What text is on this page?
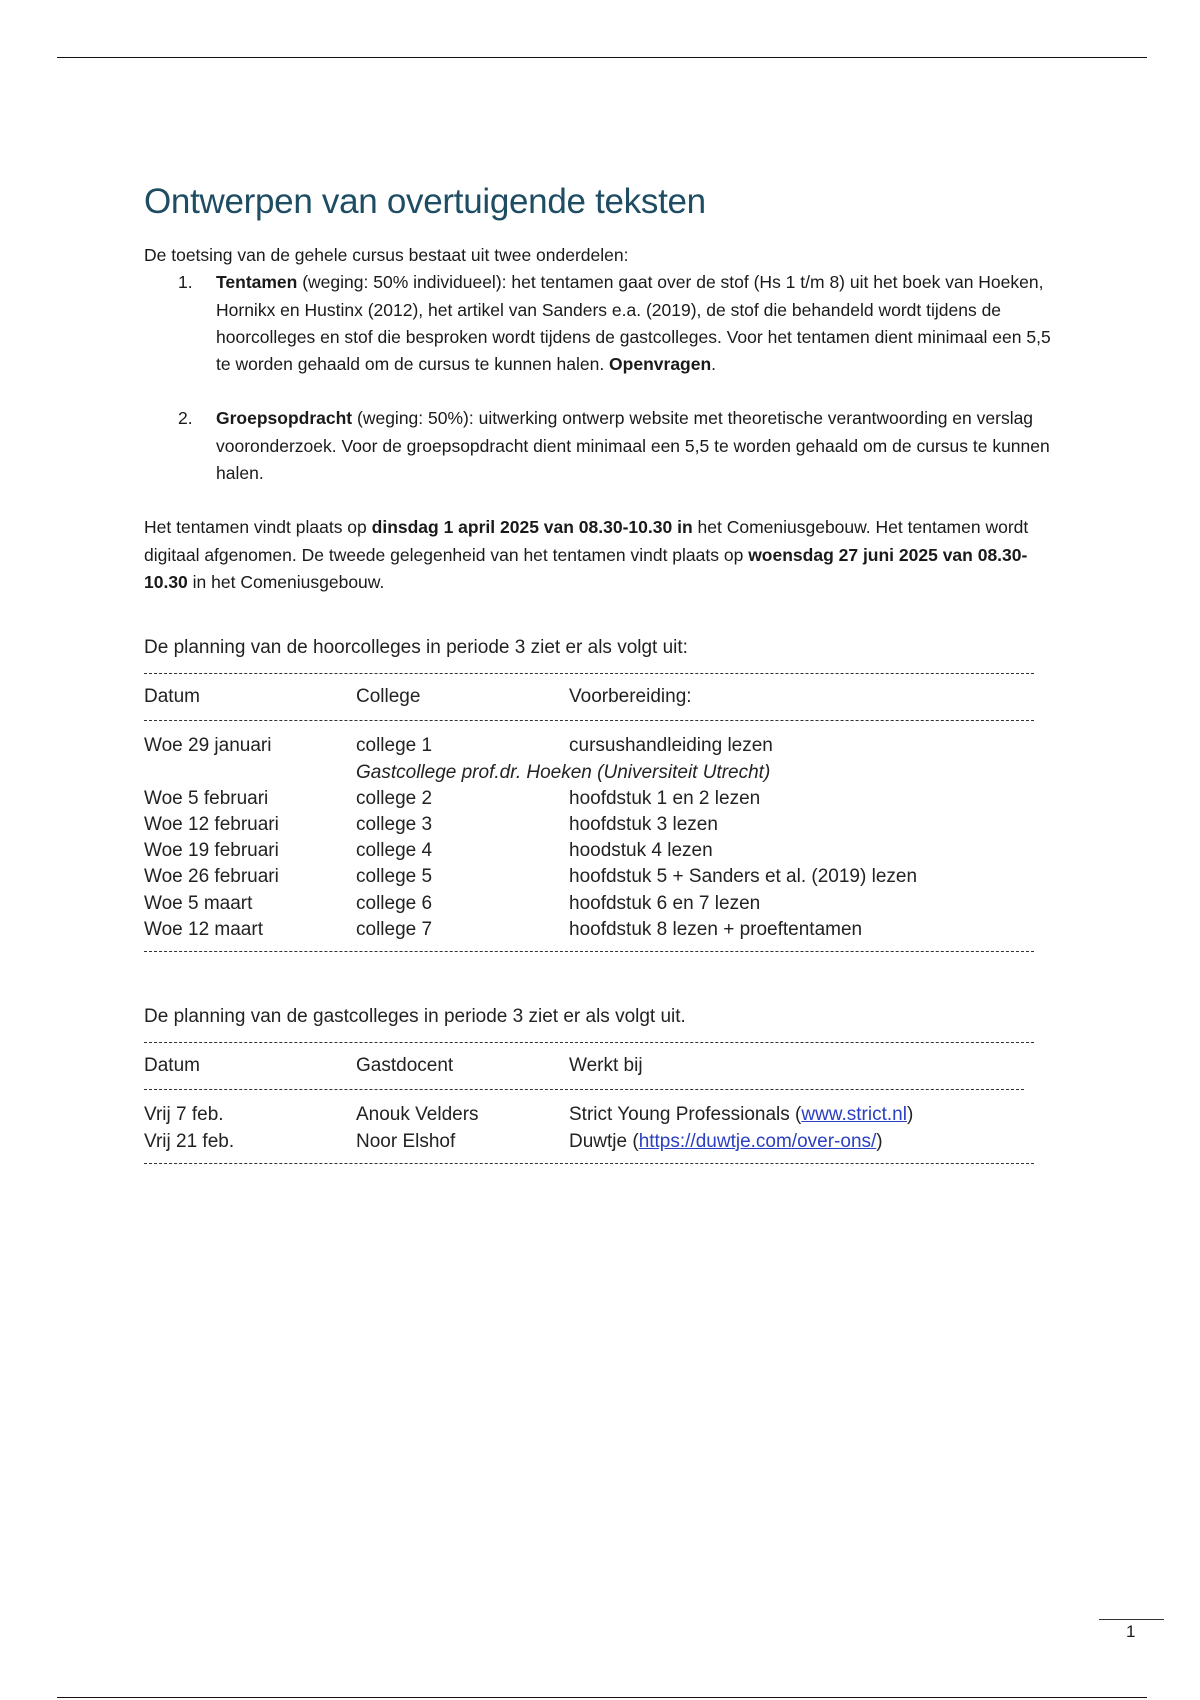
Ontwerpen van overtuigende teksten

De toetsing van de gehele cursus bestaat uit twee onderdelen:

1. Tentamen (weging: 50% individueel): het tentamen gaat over de stof (Hs 1 t/m 8) uit het boek van Hoeken, Hornikx en Hustinx (2012), het artikel van Sanders e.a. (2019), de stof die behandeld wordt tijdens de hoorcolleges en stof die besproken wordt tijdens de gastcolleges. Voor het tentamen dient minimaal een 5,5 te worden gehaald om de cursus te kunnen halen. Openvragen.
2. Groepsopdracht (weging: 50%): uitwerking ontwerp website met theoretische verantwoording en verslag vooronderzoek. Voor de groepsopdracht dient minimaal een 5,5 te worden gehaald om de cursus te kunnen halen.

Het tentamen vindt plaats op dinsdag 1 april 2025 van 08.30-10.30 in het Comeniusgebouw. Het tentamen wordt digitaal afgenomen. De tweede gelegenheid van het tentamen vindt plaats op woensdag 27 juni 2025 van 08.30-10.30 in het Comeniusgebouw.

De planning van de hoorcolleges in periode 3 ziet er als volgt uit:
Datum	College	Voorbereiding:
Woe 29 januari	college 1	cursushandleiding lezen
Gastcollege prof.dr. Hoeken (Universiteit Utrecht)
Woe 5 februari	college 2	hoofdstuk 1 en 2 lezen
Woe 12 februari	college 3	hoofdstuk 3 lezen
Woe 19 februari	college 4	hoodstuk 4 lezen
Woe 26 februari	college 5	hoofdstuk 5 + Sanders et al. (2019) lezen
Woe 5 maart	college 6	hoofdstuk 6 en 7 lezen
Woe 12 maart	college 7	hoofdstuk 8 lezen + proeftentamen
De planning van de gastcolleges in periode 3 ziet er als volgt uit.
Datum	Gastdocent	Werkt bij
Vrij 7 feb.	Anouk Velders	Strict Young Professionals (www.strict.nl)
Vrij 21 feb.	Noor Elshof	Duwtje (https://duwtje.com/over-ons/)
1
